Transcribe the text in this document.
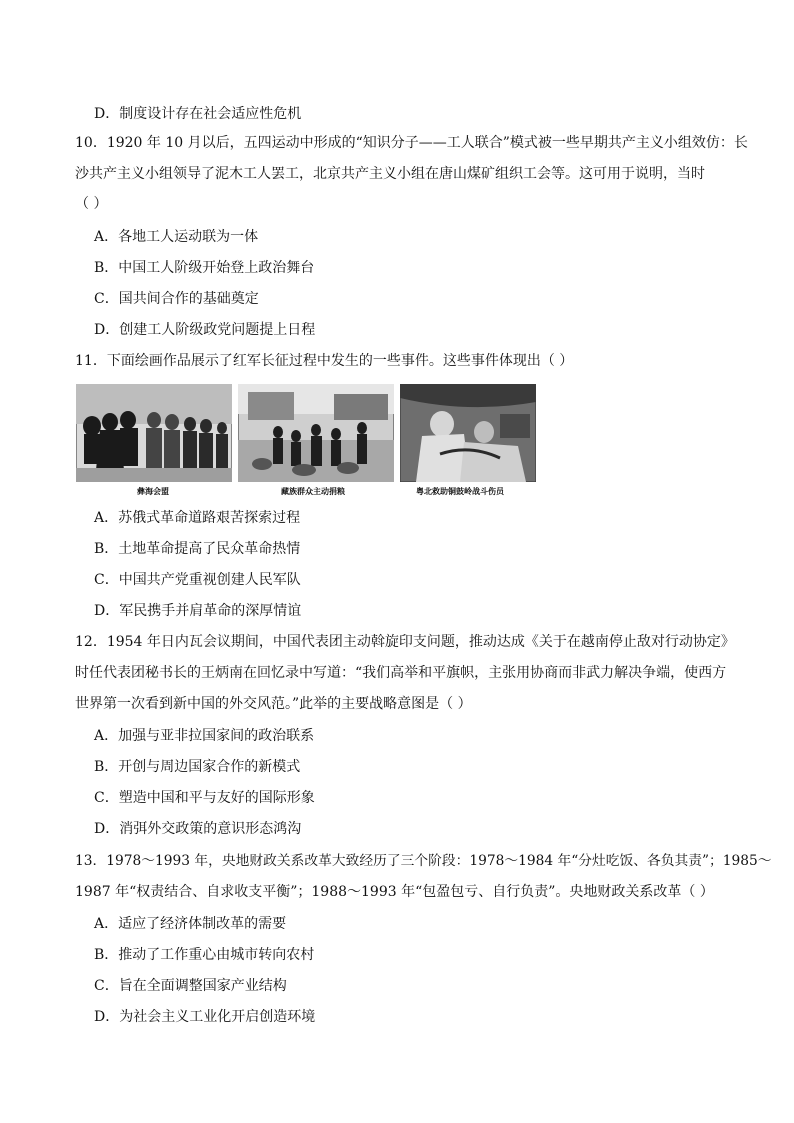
D．制度设计存在社会适应性危机
10．1920 年 10 月以后，五四运动中形成的“知识分子——工人联合”模式被一些早期共产主义小组效仿：长
沙共产主义小组领导了泥木工人罢工，北京共产主义小组在唐山煤矿组织工会等。这可用于说明，当时
（ ）
A．各地工人运动联为一体
B．中国工人阶级开始登上政治舞台
C．国共间合作的基础奠定
D．创建工人阶级政党问题提上日程
11．下面绘画作品展示了红军长征过程中发生的一些事件。这些事件体现出（ ）
彝海会盟	藏族群众主动捐粮	粤北救助铜鼓岭战斗伤员
A．苏俄式革命道路艰苦探索过程
B．土地革命提高了民众革命热情
C．中国共产党重视创建人民军队
D．军民携手并肩革命的深厚情谊
12．1954 年日内瓦会议期间，中国代表团主动斡旋印支问题，推动达成《关于在越南停止敌对行动协定》
时任代表团秘书长的王炳南在回忆录中写道：“我们高举和平旗帜，主张用协商而非武力解决争端，使西方
世界第一次看到新中国的外交风范。”此举的主要战略意图是（ ）
A．加强与亚非拉国家间的政治联系
B．开创与周边国家合作的新模式
C．塑造中国和平与友好的国际形象
D．消弭外交政策的意识形态鸿沟
13．1978～1993 年，央地财政关系改革大致经历了三个阶段：1978～1984 年“分灶吃饭、各负其责”；1985～
1987 年“权责结合、自求收支平衡”；1988～1993 年“包盈包亏、自行负责”。央地财政关系改革（ ）
A．适应了经济体制改革的需要
B．推动了工作重心由城市转向农村
C．旨在全面调整国家产业结构
D．为社会主义工业化开启创造环境
